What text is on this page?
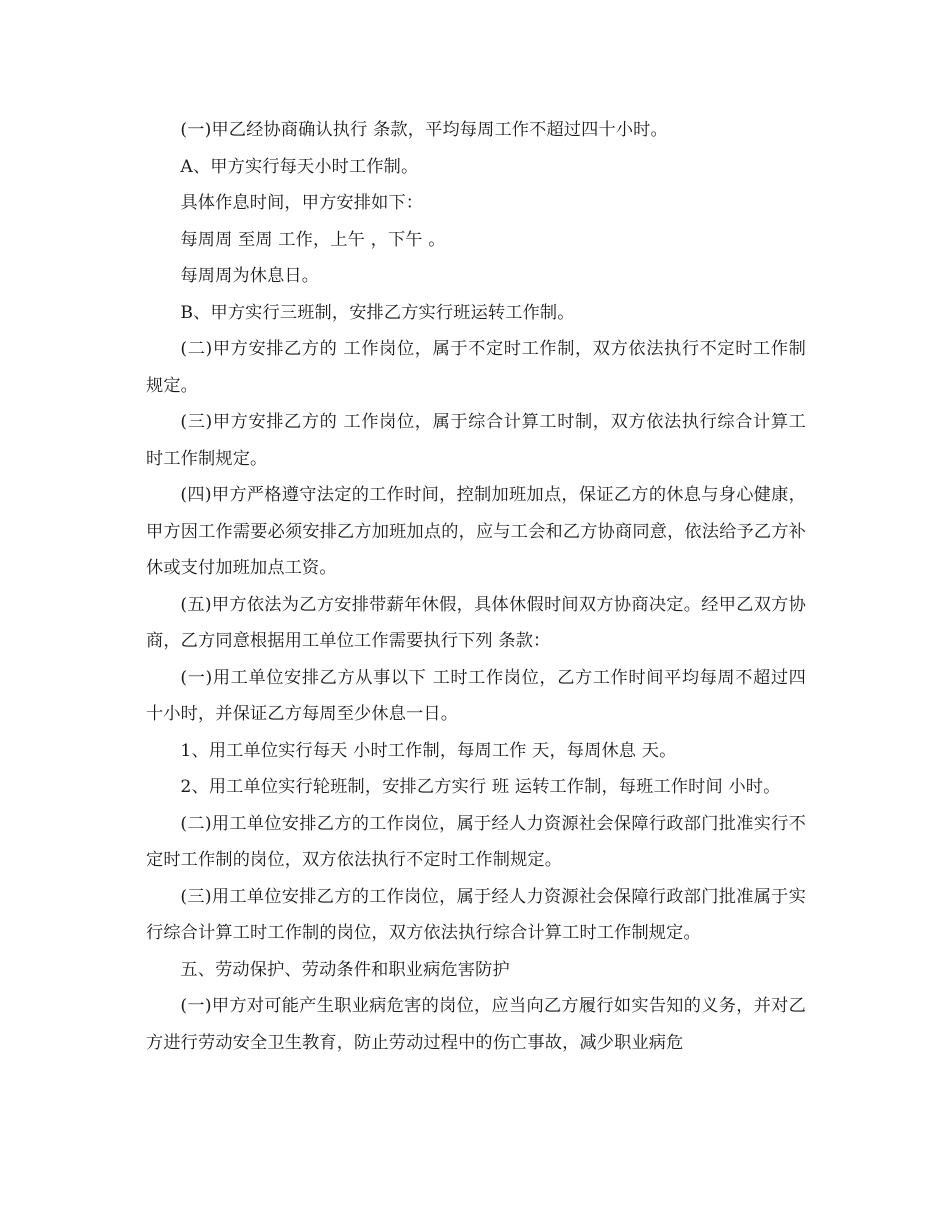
(一)甲乙经协商确认执行 条款，平均每周工作不超过四十小时。

A、甲方实行每天小时工作制。

具体作息时间，甲方安排如下：

每周周 至周 工作，上午 ，下午 。

每周周为休息日。

B、甲方实行三班制，安排乙方实行班运转工作制。

(二)甲方安排乙方的 工作岗位，属于不定时工作制，双方依法执行不定时工作制规定。

(三)甲方安排乙方的 工作岗位，属于综合计算工时制，双方依法执行综合计算工时工作制规定。

(四)甲方严格遵守法定的工作时间，控制加班加点，保证乙方的休息与身心健康，甲方因工作需要必须安排乙方加班加点的，应与工会和乙方协商同意，依法给予乙方补休或支付加班加点工资。

(五)甲方依法为乙方安排带薪年休假，具体休假时间双方协商决定。经甲乙双方协商，乙方同意根据用工单位工作需要执行下列 条款：

(一)用工单位安排乙方从事以下 工时工作岗位，乙方工作时间平均每周不超过四十小时，并保证乙方每周至少休息一日。

1、用工单位实行每天 小时工作制，每周工作 天，每周休息 天。

2、用工单位实行轮班制，安排乙方实行 班 运转工作制，每班工作时间 小时。

(二)用工单位安排乙方的工作岗位，属于经人力资源社会保障行政部门批准实行不定时工作制的岗位，双方依法执行不定时工作制规定。

(三)用工单位安排乙方的工作岗位，属于经人力资源社会保障行政部门批准属于实行综合计算工时工作制的岗位，双方依法执行综合计算工时工作制规定。

五、劳动保护、劳动条件和职业病危害防护

(一)甲方对可能产生职业病危害的岗位，应当向乙方履行如实告知的义务，并对乙方进行劳动安全卫生教育，防止劳动过程中的伤亡事故，减少职业病危
